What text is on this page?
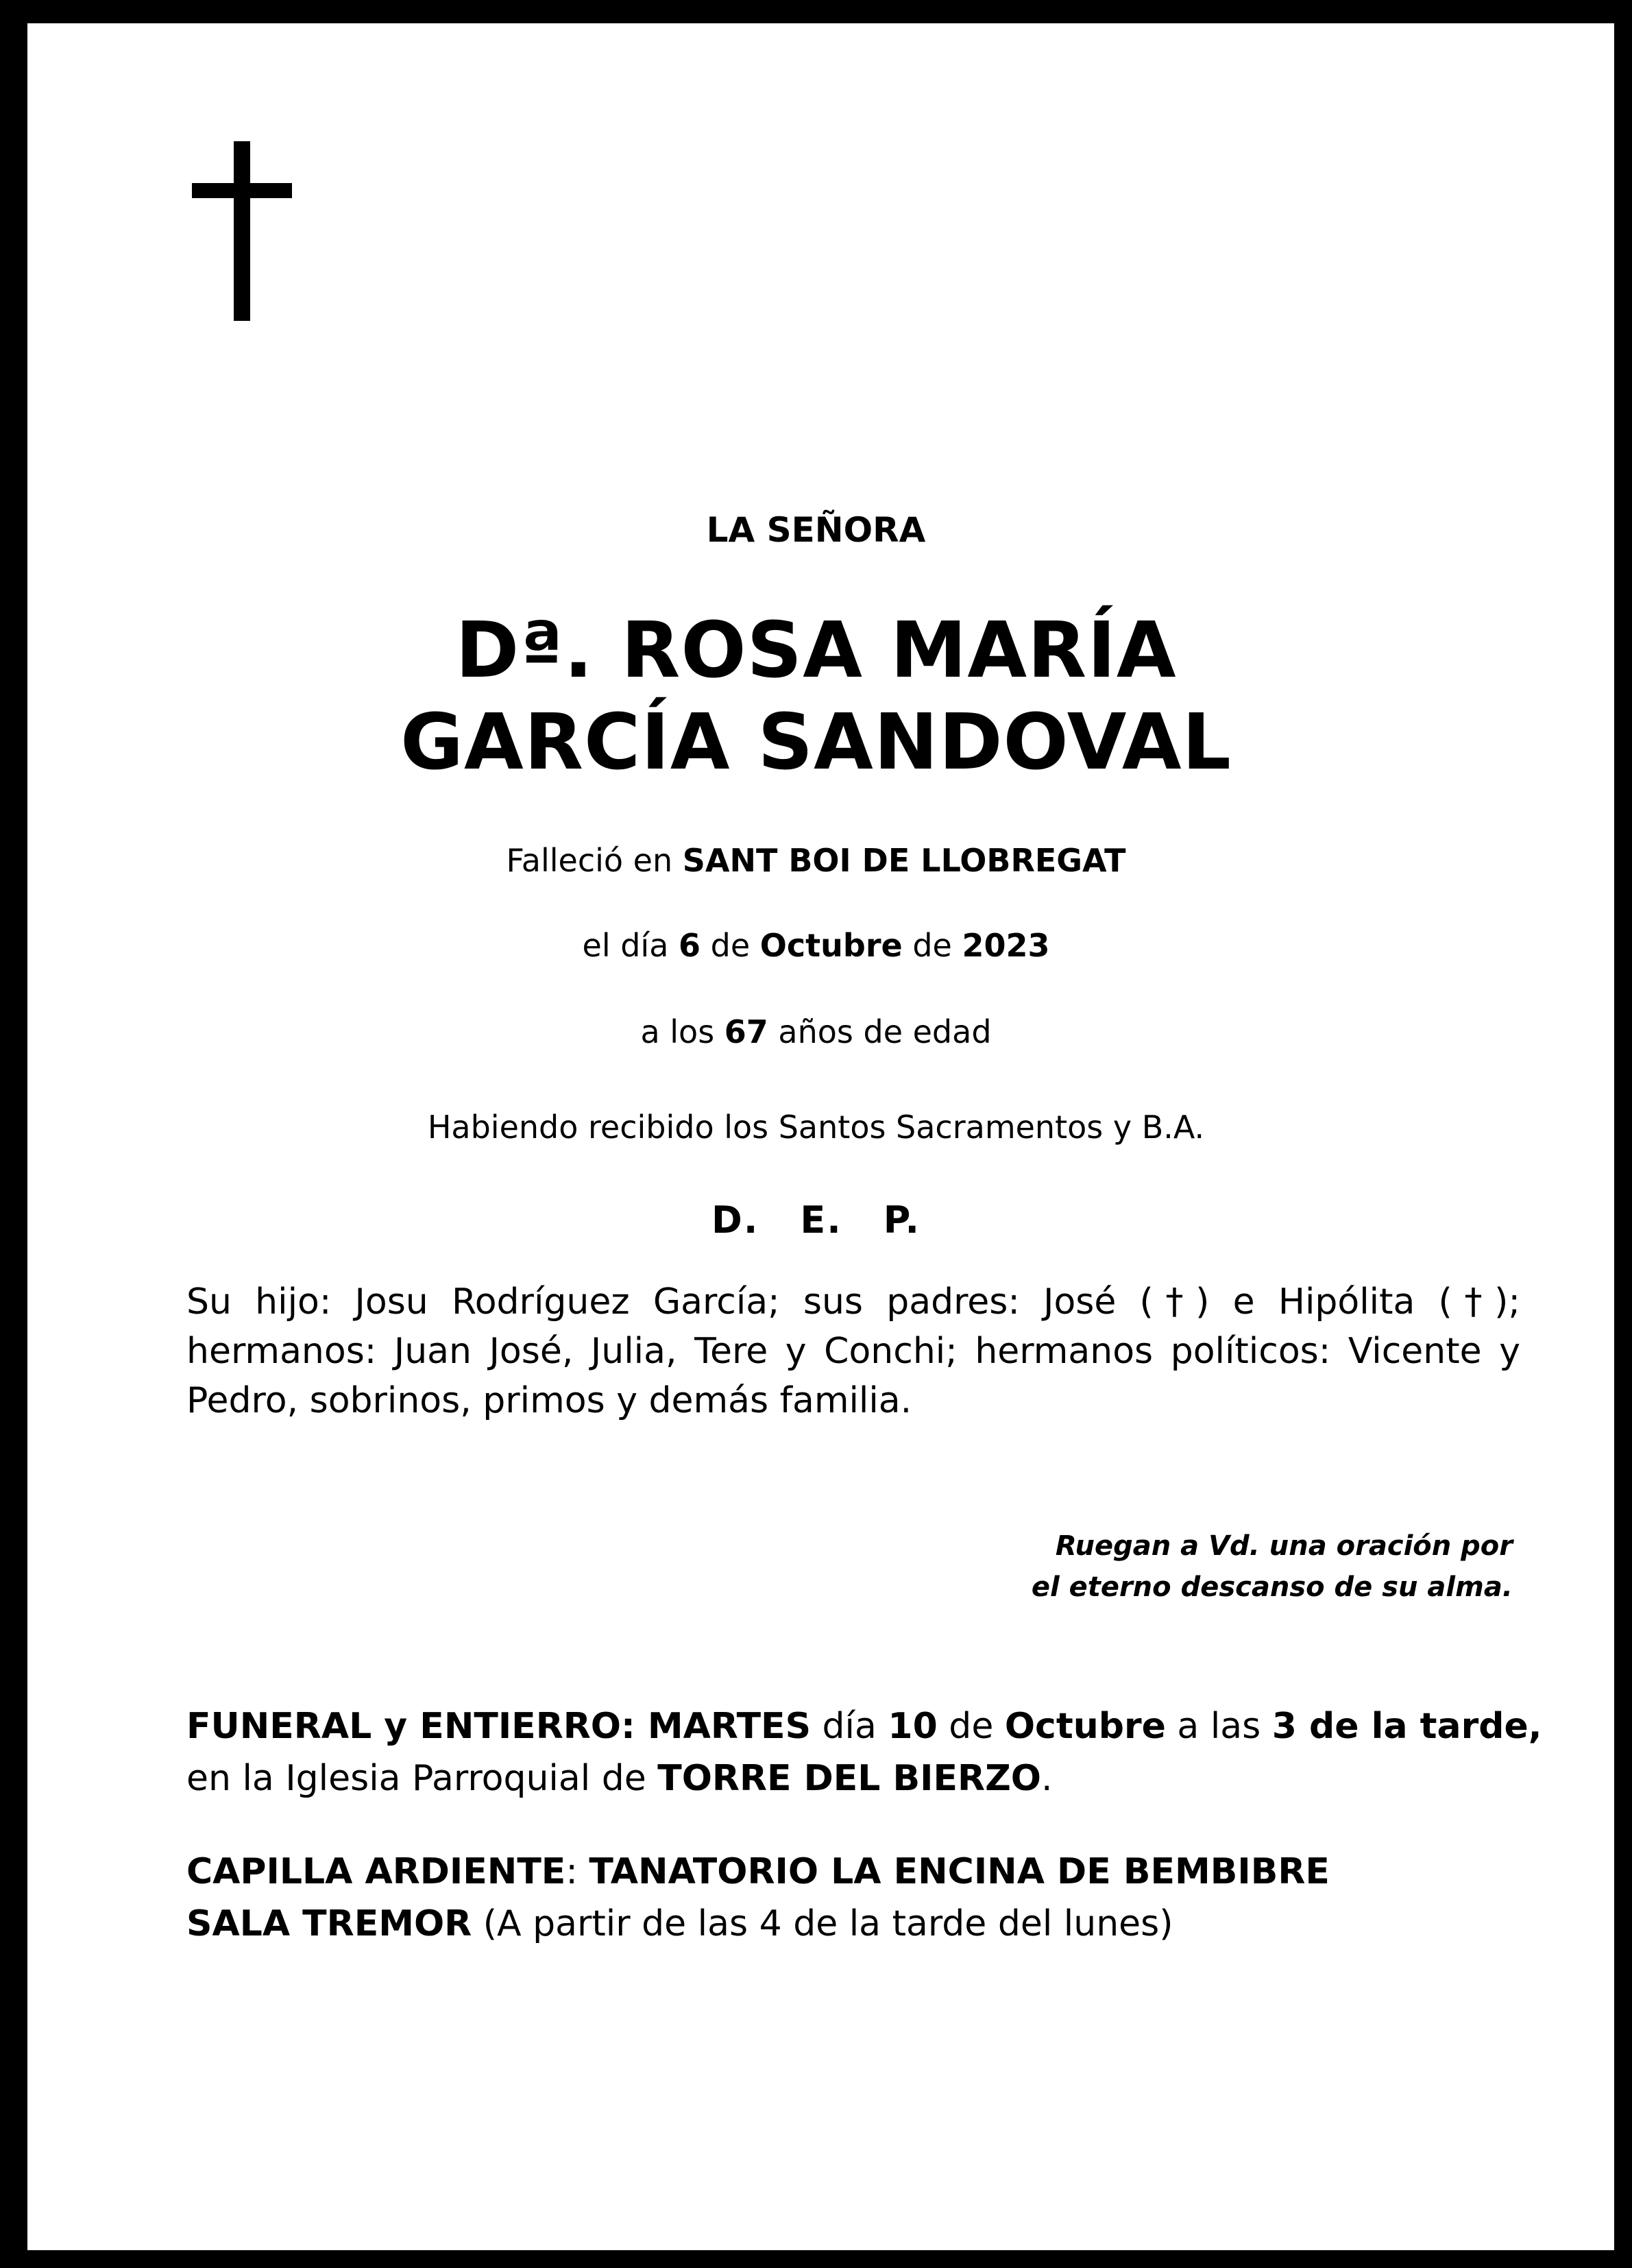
LA SEÑORA
Dª. ROSA MARÍA
GARCÍA SANDOVAL
Falleció en SANT BOI DE LLOBREGAT
el día 6 de Octubre de 2023
a los 67 años de edad
Habiendo recibido los Santos Sacramentos y B.A.
D. E. P.
Su hijo: Josu Rodríguez García; sus padres: José (†) e Hipólita (†); hermanos: Juan José, Julia, Tere y Conchi; hermanos políticos: Vicente y Pedro, sobrinos, primos y demás familia.
Ruegan a Vd. una oración por
el eterno descanso de su alma.
FUNERAL y ENTIERRO: MARTES día 10 de Octubre a las 3 de la tarde,
en la Iglesia Parroquial de TORRE DEL BIERZO.
CAPILLA ARDIENTE: TANATORIO LA ENCINA DE BEMBIBRE
SALA TREMOR (A partir de las 4 de la tarde del lunes)
